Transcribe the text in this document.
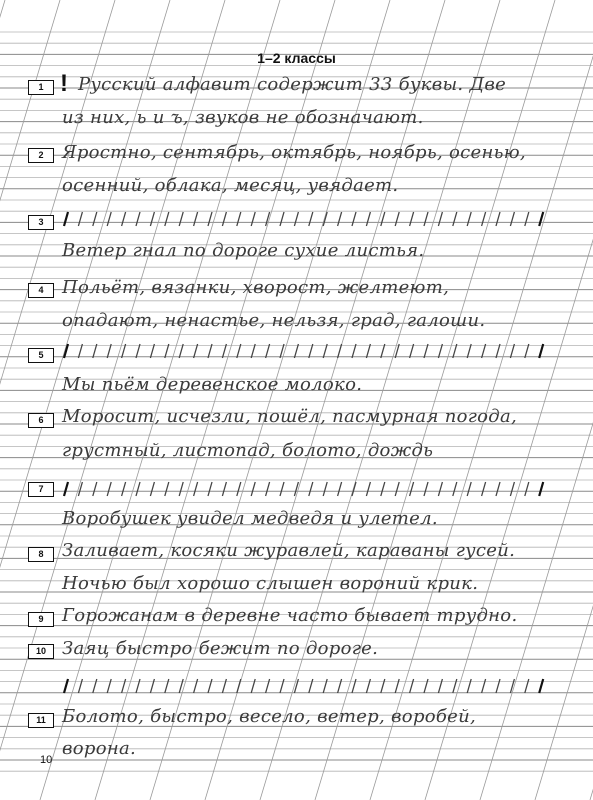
1–2 классы
1 ! Русский алфавит содержит 33 буквы. Две
из них, ь и ъ, звуков не обозначают.
2	Яростно, сентябрь, октябрь, ноябрь, осенью,
осенний, облака, месяц, увядает.
3
Ветер гнал по дороге сухие листья.
4	Польёт, вязанки, хворост, желтеют,
опадают, ненастье, нельзя, град, галоши.
5
Мы пьём деревенское молоко.
6	Моросит, исчезли, пошёл, пасмурная погода,
грустный, листопад, болото, дождь
7
Воробушек увидел медведя и улетел.
8	Заливает, косяки журавлей, караваны гусей.
Ночью был хорошо слышен вороний крик.
9	Горожанам в деревне часто бывает трудно.
10 Заяц быстро бежит по дороге.
11 Болото, быстро, весело, ветер, воробей,
ворона.
10
